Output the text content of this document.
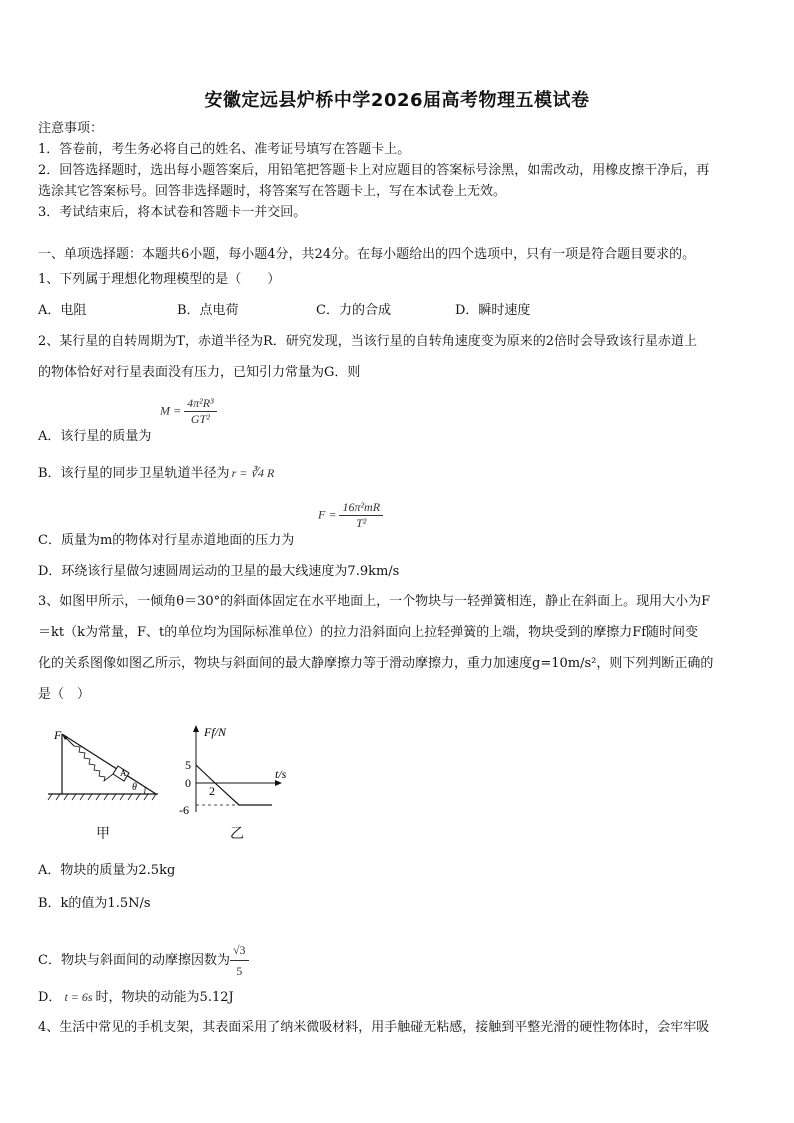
安徽定远县炉桥中学2026届高考物理五模试卷
注意事项：
1．答卷前，考生务必将自己的姓名、准考证号填写在答题卡上。
2．回答选择题时，选出每小题答案后，用铅笔把答题卡上对应题目的答案标号涂黑，如需改动，用橡皮擦干净后，再
选涂其它答案标号。回答非选择题时，将答案写在答题卡上，写在本试卷上无效。
3．考试结束后，将本试卷和答题卡一并交回。
一、单项选择题：本题共6小题，每小题4分，共24分。在每小题给出的四个选项中，只有一项是符合题目要求的。
1、下列属于理想化物理模型的是（　　）
A．电阻	B．点电荷	C．力的合成	D．瞬时速度
2、某行星的自转周期为T，赤道半径为R．研究发现，当该行星的自转角速度变为原来的2倍时会导致该行星赤道上
的物体恰好对行星表面没有压力，已知引力常量为G．则
$M = \frac{\text{4π²R³}}{\text{GT²}}$
A．该行星的质量为
B．该行星的同步卫星轨道半径为 r = ∛4 R
$F = \frac{\text{16π²mR}}{\text{T²}}$
C．质量为m的物体对行星赤道地面的压力为
D．环绕该行星做匀速圆周运动的卫星的最大线速度为7.9km/s
3、如图甲所示，一倾角θ＝30°的斜面体固定在水平地面上，一个物块与一轻弹簧相连，静止在斜面上。现用大小为F
＝kt（k为常量，F、t的单位均为国际标准单位）的拉力沿斜面向上拉轻弹簧的上端，物块受到的摩擦力Ff随时间变
化的关系图像如图乙所示，物块与斜面间的最大静摩擦力等于滑动摩擦力，重力加速度g=10m/s²，则下列判断正确的
是（　）
F
A
θ
甲
Ff/N
t/s
5
0
-6
2
乙
A．物块的质量为2.5kg
B．k的值为1.5N/s
C．物块与斜面间的动摩擦因数为 $\frac{√3}{5}$
D． t = 6s 时，物块的动能为5.12J
4、生活中常见的手机支架，其表面采用了纳米微吸材料，用手触碰无粘感，接触到平整光滑的硬性物体时，会牢牢吸
